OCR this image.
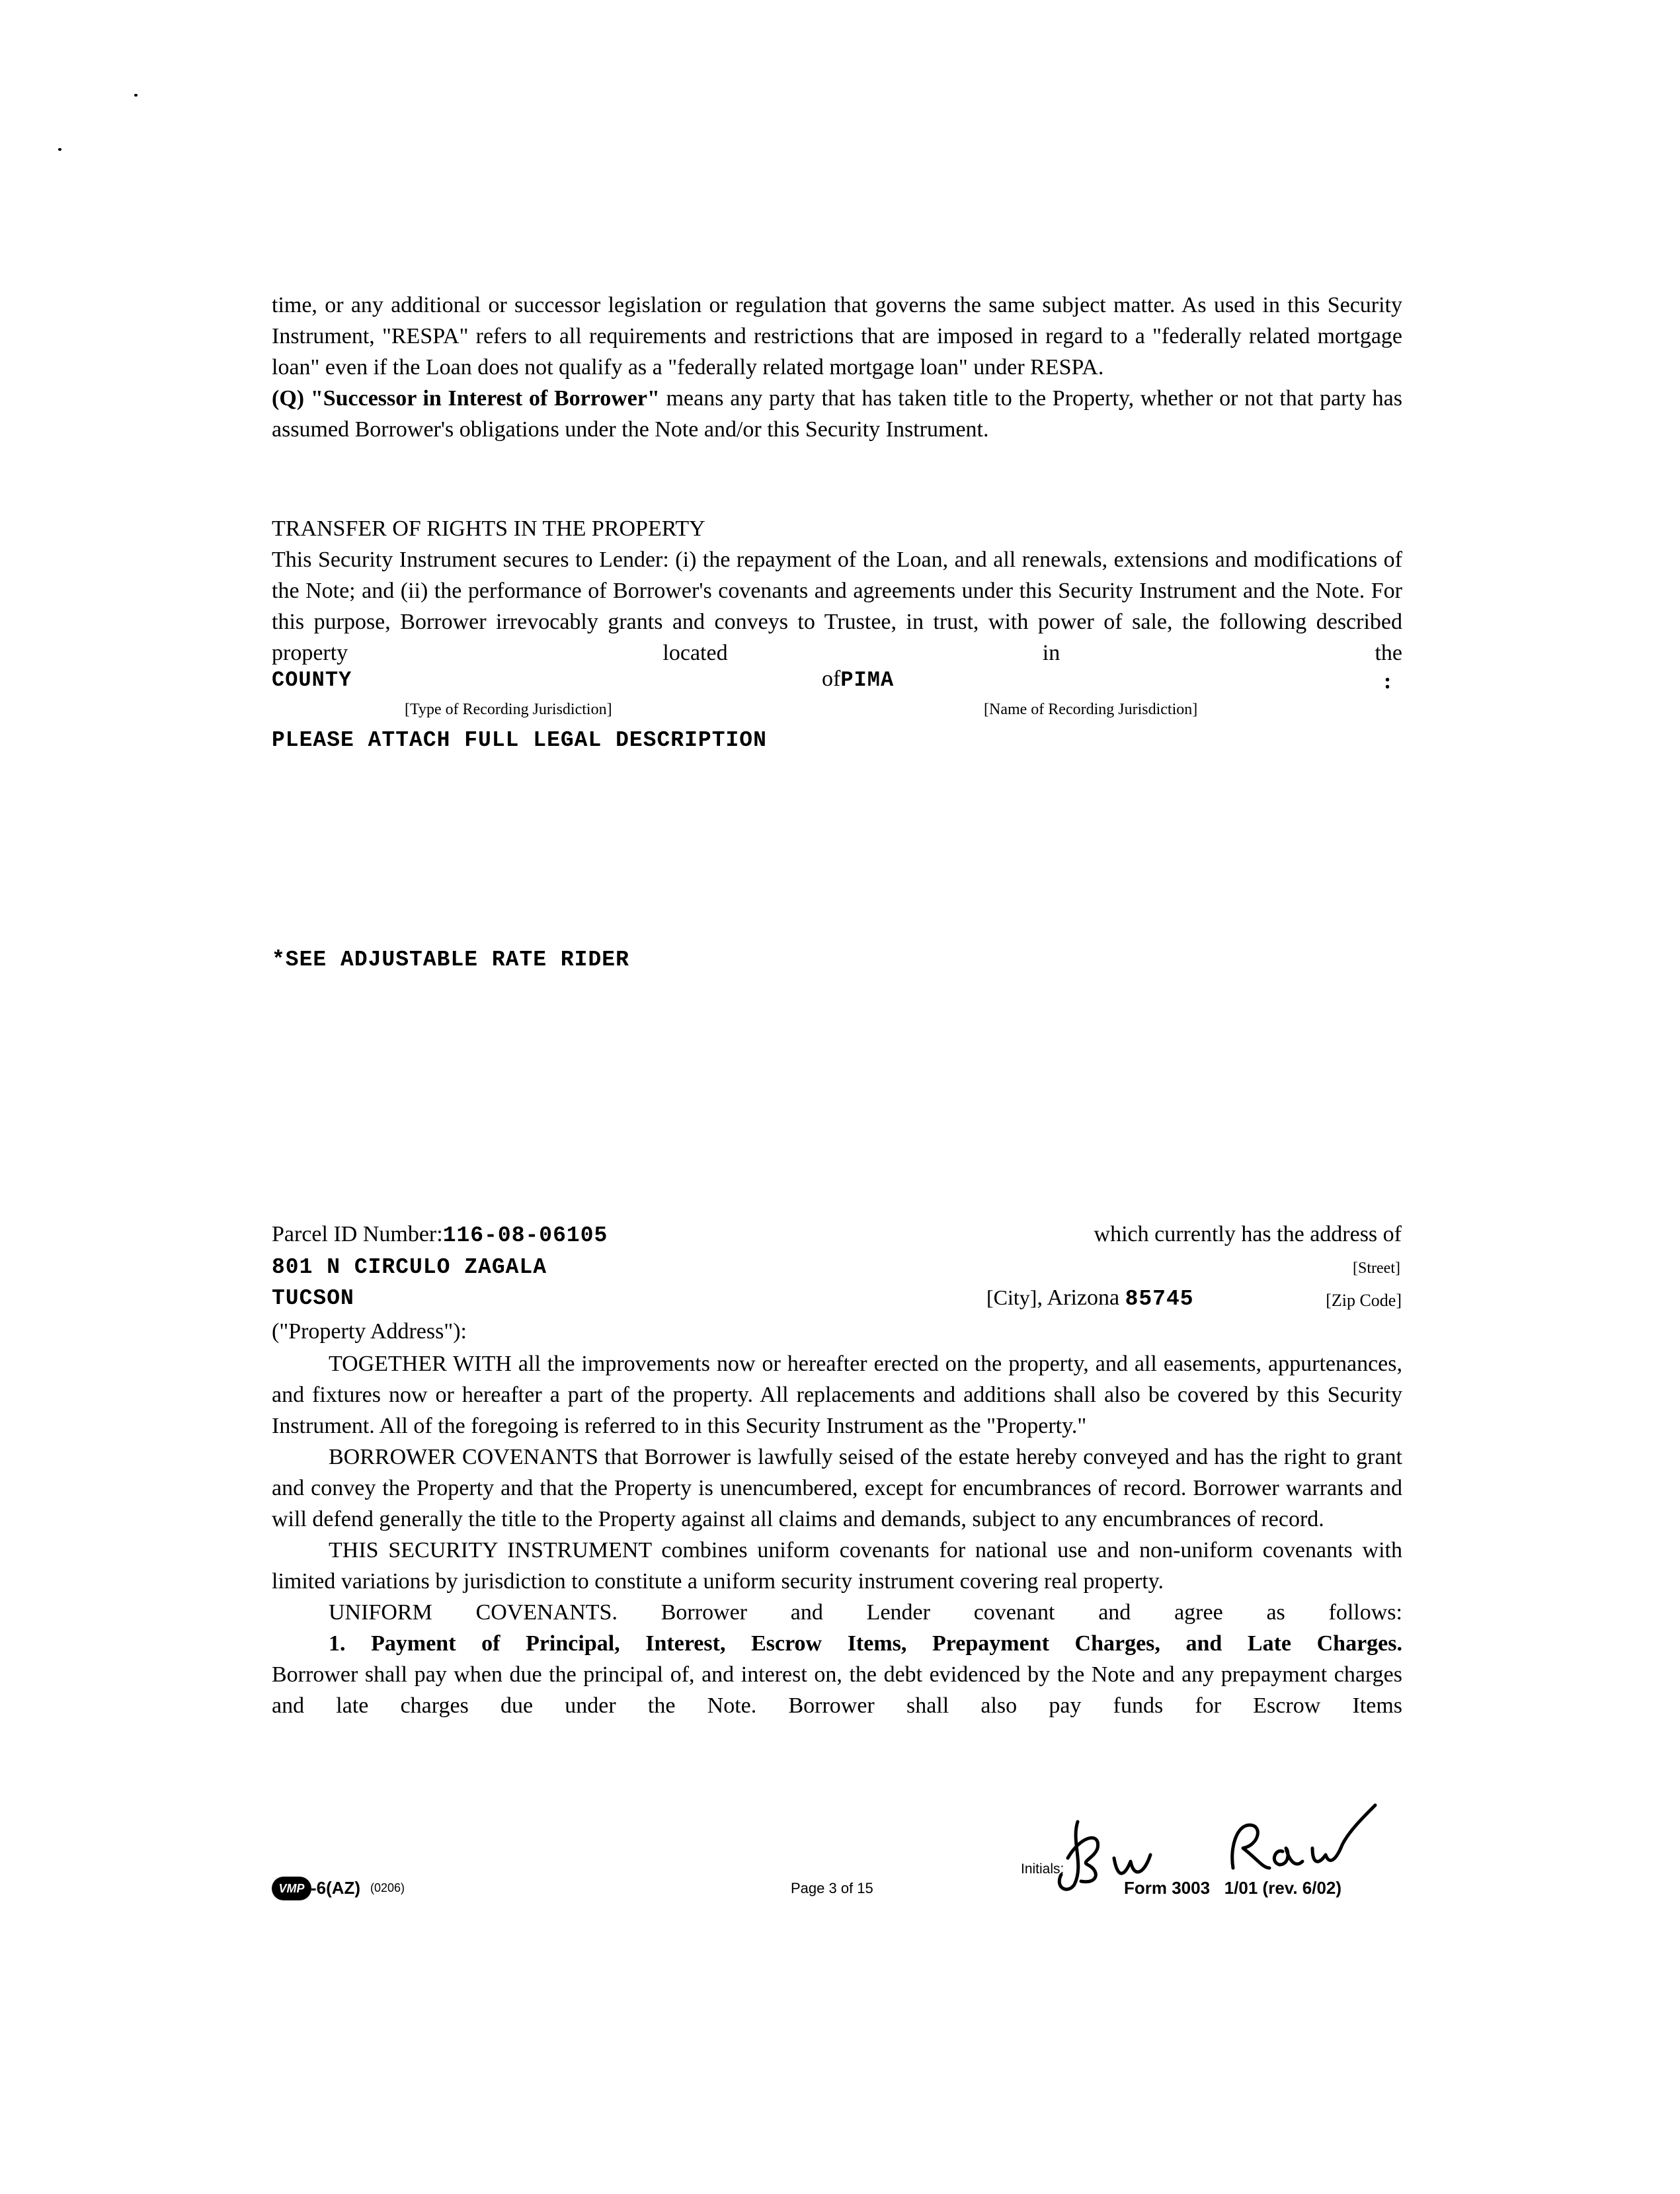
time, or any additional or successor legislation or regulation that governs the same subject matter. As used in this Security Instrument, "RESPA" refers to all requirements and restrictions that are imposed in regard to a "federally related mortgage loan" even if the Loan does not qualify as a "federally related mortgage loan" under RESPA.

(Q) "Successor in Interest of Borrower" means any party that has taken title to the Property, whether or not that party has assumed Borrower's obligations under the Note and/or this Security Instrument.

TRANSFER OF RIGHTS IN THE PROPERTY

This Security Instrument secures to Lender: (i) the repayment of the Loan, and all renewals, extensions and modifications of the Note; and (ii) the performance of Borrower's covenants and agreements under this Security Instrument and the Note. For this purpose, Borrower irrevocably grants and conveys to Trustee, in trust, with power of sale, the following described property located in the

COUNTY	ofPIMA	:
[Type of Recording Jurisdiction]	[Name of Recording Jurisdiction]
PLEASE ATTACH FULL LEGAL DESCRIPTION
*SEE ADJUSTABLE RATE RIDER
Parcel ID Number:116-08-06105	which currently has the address of
801 N CIRCULO ZAGALA	[Street]
TUCSON	[City], Arizona 85745	[Zip Code]
("Property Address"):

TOGETHER WITH all the improvements now or hereafter erected on the property, and all easements, appurtenances, and fixtures now or hereafter a part of the property. All replacements and additions shall also be covered by this Security Instrument. All of the foregoing is referred to in this Security Instrument as the "Property."

BORROWER COVENANTS that Borrower is lawfully seised of the estate hereby conveyed and has the right to grant and convey the Property and that the Property is unencumbered, except for encumbrances of record. Borrower warrants and will defend generally the title to the Property against all claims and demands, subject to any encumbrances of record.

THIS SECURITY INSTRUMENT combines uniform covenants for national use and non-uniform covenants with limited variations by jurisdiction to constitute a uniform security instrument covering real property.

UNIFORM COVENANTS. Borrower and Lender covenant and agree as follows:

1. Payment of Principal, Interest, Escrow Items, Prepayment Charges, and Late Charges.

Borrower shall pay when due the principal of, and interest on, the debt evidenced by the Note and any prepayment charges and late charges due under the Note. Borrower shall also pay funds for Escrow Items

VMP -6(AZ) (0206)	Page 3 of 15
Initials:
Form 3003   1/01 (rev. 6/02)
